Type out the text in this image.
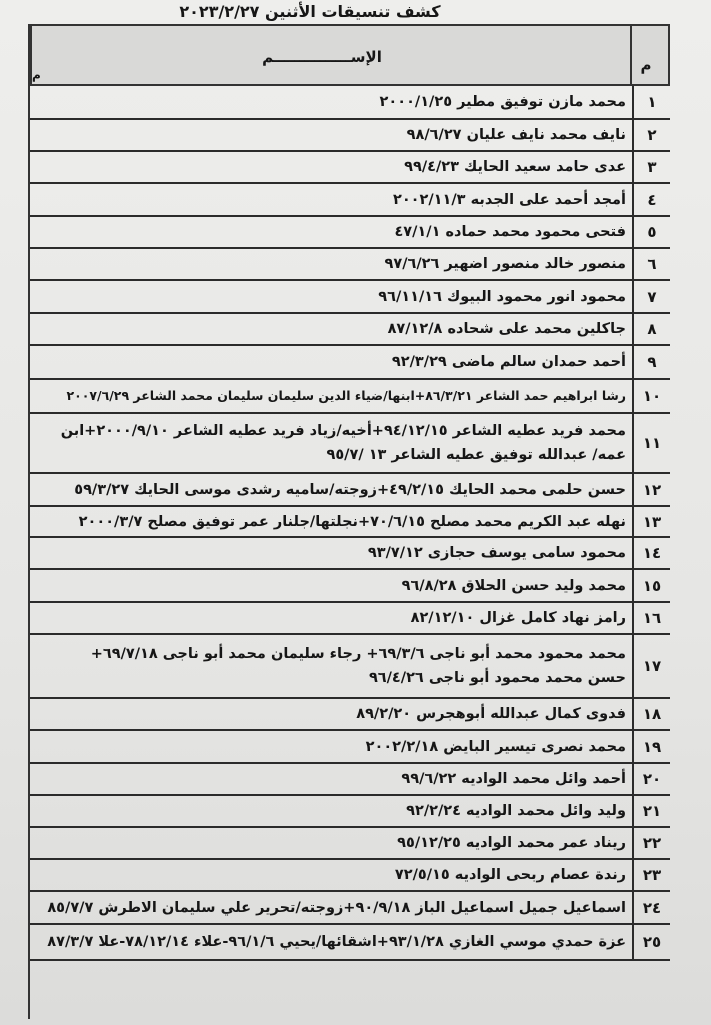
كشف تنسيقات الأثنين ٢٠٢٣/٢/٢٧
م
الإســـــــــــــــم	م
١
محمد مازن توفيق مطير ٢٠٠٠/١/٢٥
٢
نايف محمد نايف عليان ٩٨/٦/٢٧
٣
عدى حامد سعيد الحايك ٩٩/٤/٢٣
٤
أمجد أحمد على الجدبه ٢٠٠٢/١١/٣
٥
فتحى محمود محمد حماده ٤٧/١/١
٦
منصور خالد منصور اضهير ٩٧/٦/٢٦
٧
محمود انور محمود البيوك ٩٦/١١/١٦
٨
جاكلين محمد على شحاده ٨٧/١٢/٨
٩
أحمد حمدان سالم ماضى ٩٢/٣/٢٩
١٠
رشا ابراهيم حمد الشاعر ٨٦/٣/٢١+ابنها/ضياء الدين سليمان سليمان محمد الشاعر ٢٠٠٧/٦/٢٩
١١
محمد فريد عطيه الشاعر ٩٤/١٢/١٥+أخيه/زياد فريد عطيه الشاعر ٢٠٠٠/٩/١٠+ابن
عمه/ عبدالله توفيق عطيه الشاعر ١٣ /٩٥/٧
١٢
حسن حلمى محمد الحايك ٤٩/٢/١٥+زوجته/ساميه رشدى موسى الحايك ٥٩/٣/٢٧
١٣
نهله عبد الكريم محمد مصلح ٧٠/٦/١٥+نجلتها/جلنار عمر توفيق مصلح ٢٠٠٠/٣/٧
١٤
محمود سامى يوسف حجازى ٩٣/٧/١٢
١٥
محمد وليد حسن الحلاق ٩٦/٨/٢٨
١٦
رامز نهاد كامل غزال ٨٢/١٢/١٠
١٧
محمد محمود محمد أبو ناجى ٦٩/٣/٦+ رجاء سليمان محمد أبو ناجى ٦٩/٧/١٨+
حسن محمد محمود أبو ناجى ٩٦/٤/٢٦
١٨
فدوى كمال عبدالله أبوهجرس ٨٩/٢/٢٠
١٩
محمد نصرى تيسير البايض ٢٠٠٢/٢/١٨
٢٠
أحمد وائل محمد الواديه ٩٩/٦/٢٢
٢١
وليد وائل محمد الواديه ٩٢/٢/٢٤
٢٢
ريناد عمر محمد الواديه ٩٥/١٢/٢٥
٢٣
رندة عصام ربحى الواديه ٧٢/٥/١٥
٢٤
اسماعيل جميل اسماعيل الباز ٩٠/٩/١٨+زوجته/تحرير علي سليمان الاطرش ٨٥/٧/٧
٢٥
عزة حمدي موسي الغازي ٩٣/١/٢٨+اشقائها/يحيي ٩٦/١/٦-علاء ٧٨/١٢/١٤-علا ٨٧/٣/٧
